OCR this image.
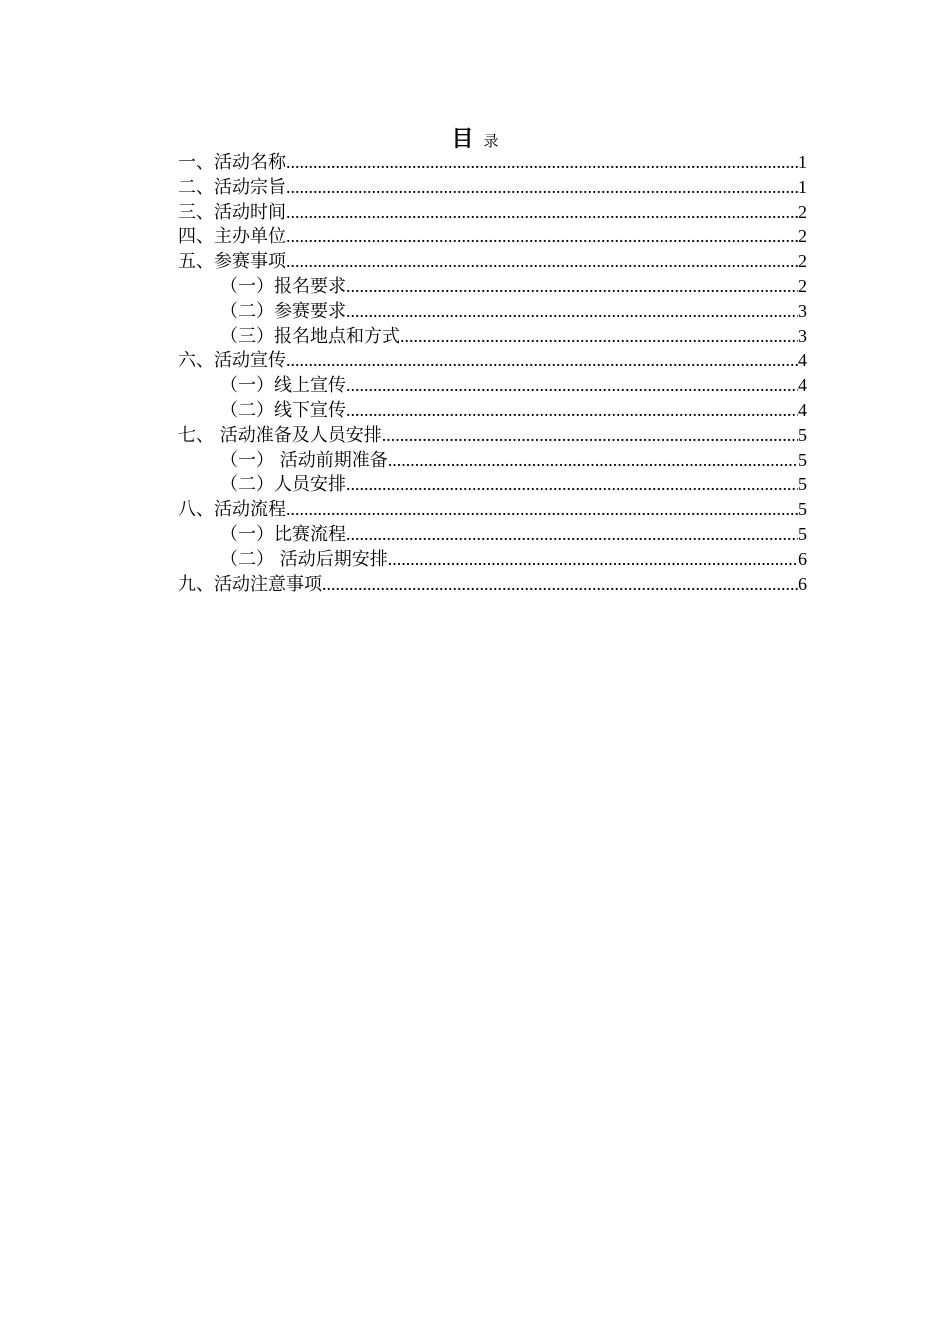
目 录
一、活动名称 .....	1
二、活动宗旨 .....	1
三、活动时间 .....	2
四、主办单位 .....	2
五、参赛事项 .....	2
（一）报名要求 .....	2
（二）参赛要求 .....	3
（三）报名地点和方式 .....	3
六、活动宣传 .....	4
（一）线上宣传 .....	4
（二）线下宣传 .....	4
七、 活动准备及人员安排 .....	5
（一） 活动前期准备 .....	5
（二）人员安排 .....	5
八、活动流程 .....	5
（一）比赛流程 .....	5
（二） 活动后期安排 .....	6
九、活动注意事项 .....	6
